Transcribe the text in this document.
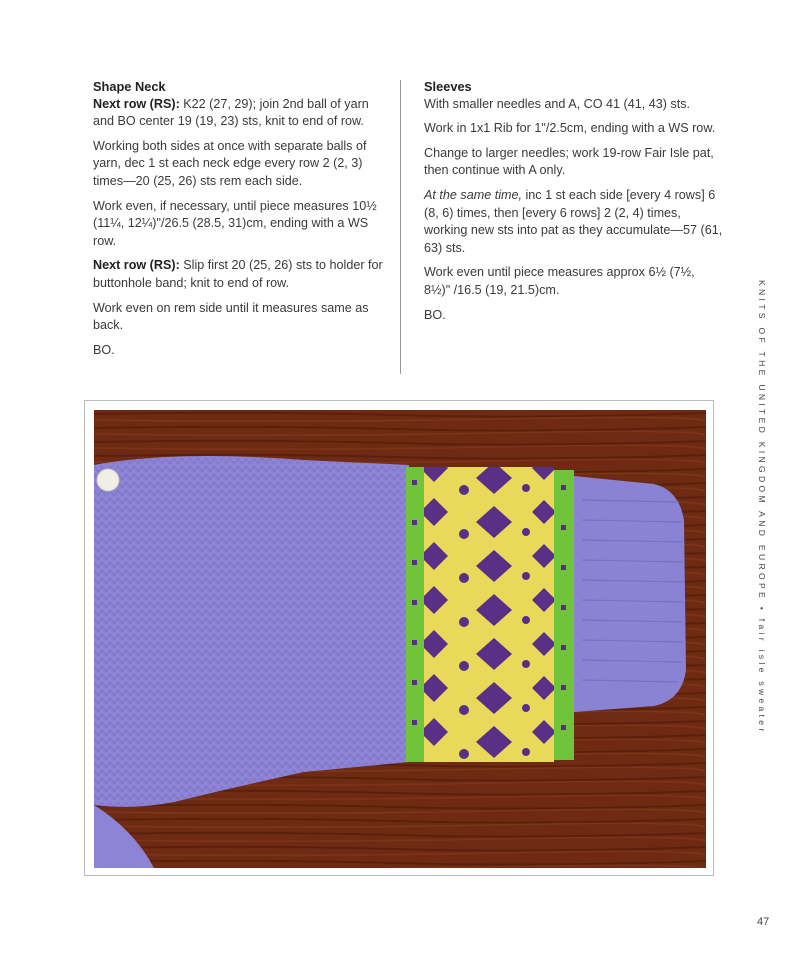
Shape Neck

Next row (RS): K22 (27, 29); join 2nd ball of yarn and BO center 19 (19, 23) sts, knit to end of row.

Working both sides at once with separate balls of yarn, dec 1 st each neck edge every row 2 (2, 3) times—20 (25, 26) sts rem each side.

Work even, if necessary, until piece measures 10½ (11¼, 12¼)"/26.5 (28.5, 31)cm, ending with a WS row.

Next row (RS): Slip first 20 (25, 26) sts to holder for buttonhole band; knit to end of row.

Work even on rem side until it measures same as back.

BO.

Sleeves

With smaller needles and A, CO 41 (41, 43) sts.

Work in 1x1 Rib for 1"/2.5cm, ending with a WS row.

Change to larger needles; work 19-row Fair Isle pat, then continue with A only.

At the same time, inc 1 st each side [every 4 rows] 6 (8, 6) times, then [every 6 rows] 2 (2, 4) times, working new sts into pat as they accumulate—57 (61, 63) sts.

Work even until piece measures approx 6½ (7½, 8½)" /16.5 (19, 21.5)cm.

BO.	KNITS OF THE UNITED KINGDOM AND EUROPE • fair isle sweater
47
